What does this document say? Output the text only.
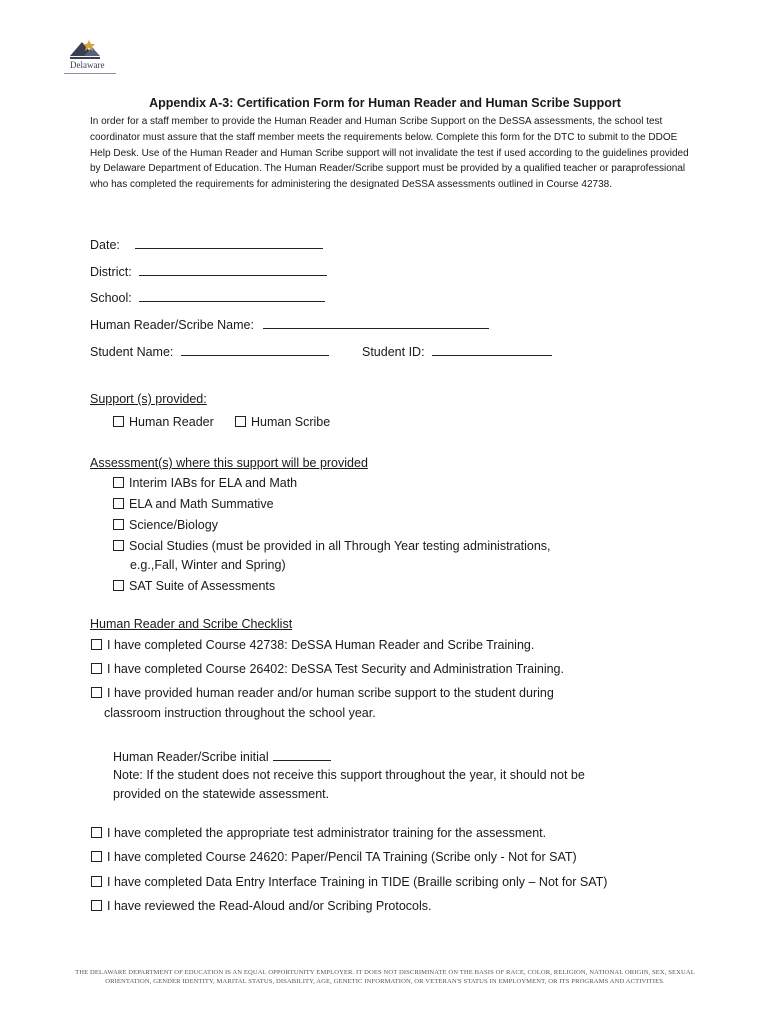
Delaware
Appendix A-3: Certification Form for Human Reader and Human Scribe Support
In order for a staff member to provide the Human Reader and Human Scribe Support on the DeSSA assessments, the school test coordinator must assure that the staff member meets the requirements below. Complete this form for the DTC to submit to the DDOE Help Desk. Use of the Human Reader and Human Scribe support will not invalidate the test if used according to the guidelines provided by Delaware Department of Education. The Human Reader/Scribe support must be provided by a qualified teacher or paraprofessional who has completed the requirements for administering the designated DeSSA assessments outlined in Course 42738.
Date:
District:
School:
Human Reader/Scribe Name:
Student Name:	Student ID:
Support (s) provided:
Human Reader	Human Scribe
Assessment(s) where this support will be provided
Interim IABs for ELA and Math
ELA and Math Summative
Science/Biology
Social Studies (must be provided in all Through Year testing administrations,
e.g.,Fall, Winter and Spring)
SAT Suite of Assessments
Human Reader and Scribe Checklist
I have completed Course 42738: DeSSA Human Reader and Scribe Training.
I have completed Course 26402: DeSSA Test Security and Administration Training.
I have provided human reader and/or human scribe support to the student during
classroom instruction throughout the school year.
Human Reader/Scribe initial
Note: If the student does not receive this support throughout the year, it should not be
provided on the statewide assessment.
I have completed the appropriate test administrator training for the assessment.
I have completed Course 24620: Paper/Pencil TA Training (Scribe only - Not for SAT)
I have completed Data Entry Interface Training in TIDE (Braille scribing only – Not for SAT)
I have reviewed the Read-Aloud and/or Scribing Protocols.
THE DELAWARE DEPARTMENT OF EDUCATION IS AN EQUAL OPPORTUNITY EMPLOYER. IT DOES NOT DISCRIMINATE ON THE BASIS OF RACE, COLOR, RELIGION, NATIONAL ORIGIN, SEX, SEXUAL
ORIENTATION, GENDER IDENTITY, MARITAL STATUS, DISABILITY, AGE, GENETIC INFORMATION, OR VETERAN'S STATUS IN EMPLOYMENT, OR ITS PROGRAMS AND ACTIVITIES.
